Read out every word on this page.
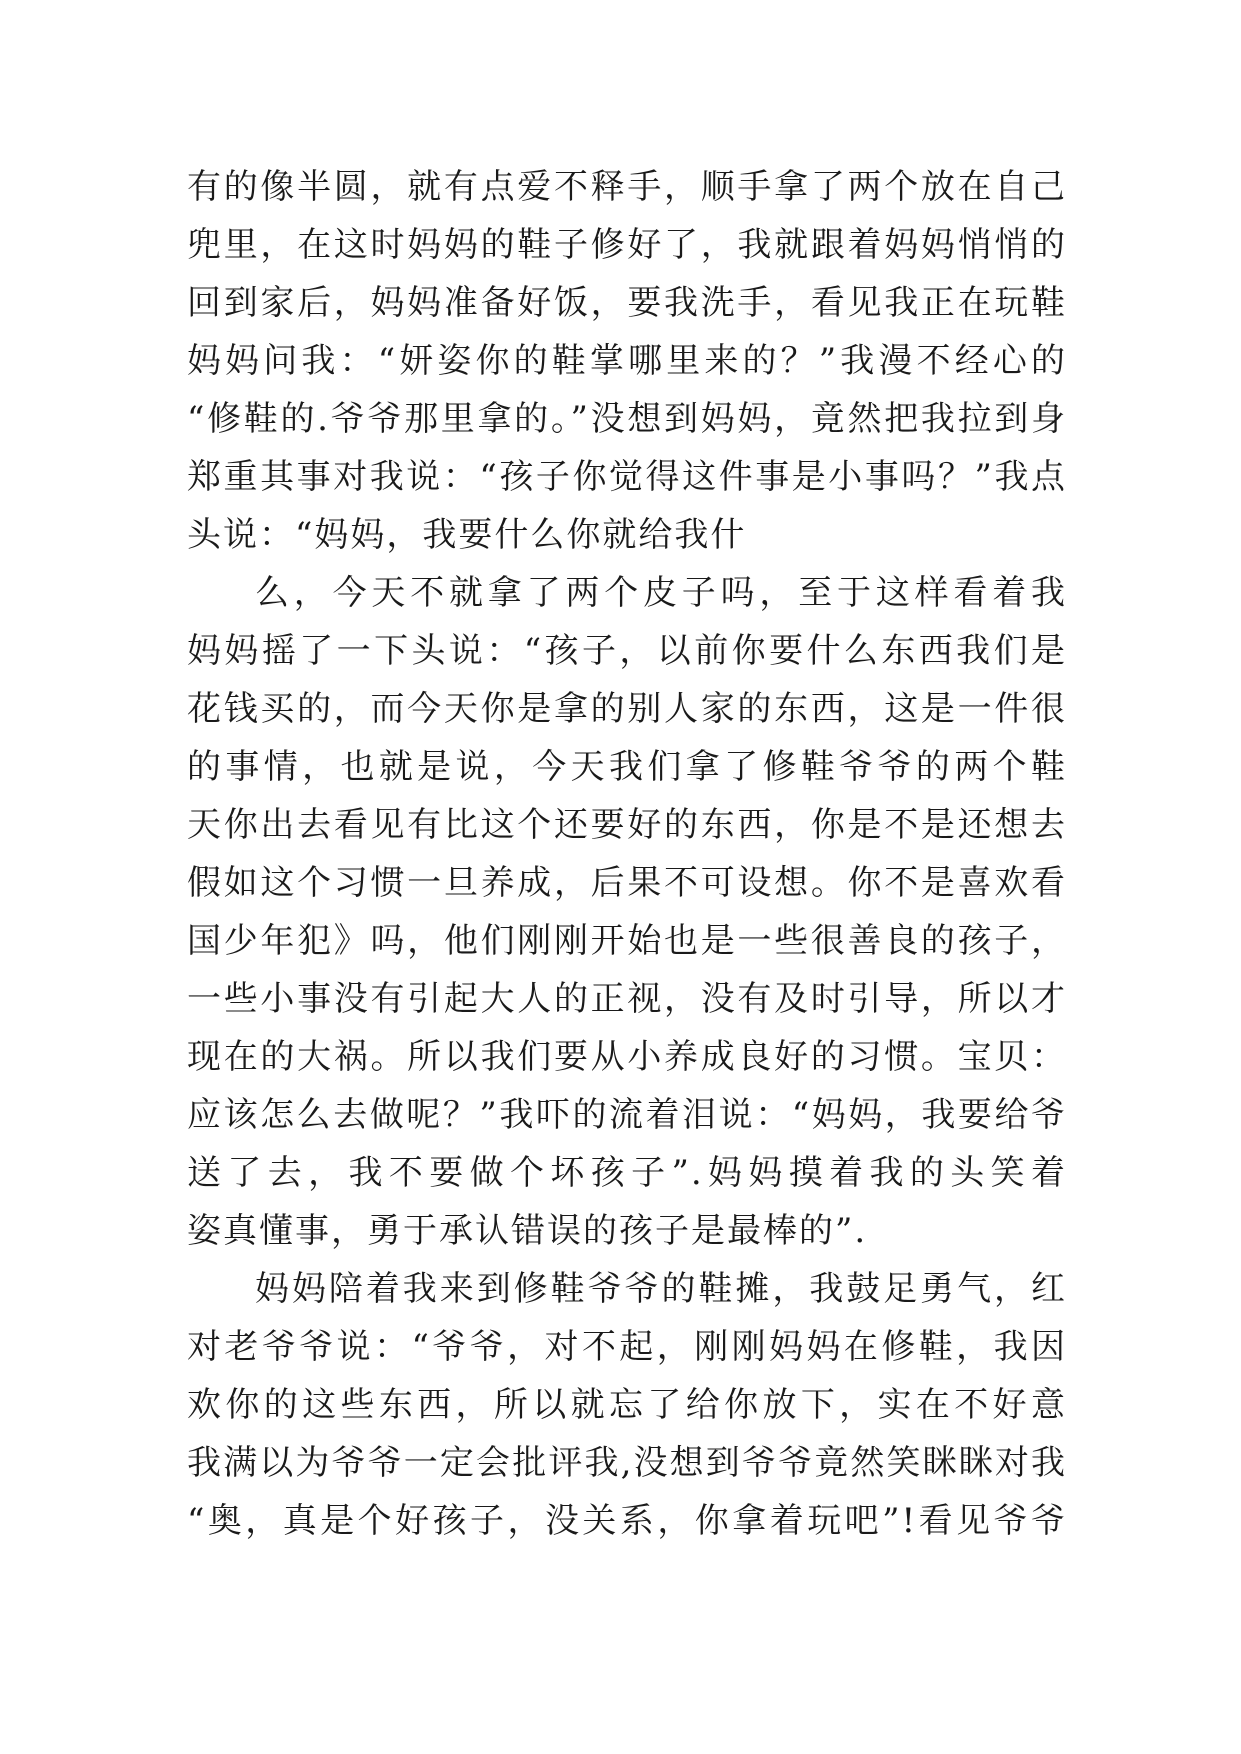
有的像半圆，就有点爱不释手，顺手拿了两个放在自己
兜里，在这时妈妈的鞋子修好了，我就跟着妈妈悄悄的
回到家后，妈妈准备好饭，要我洗手，看见我正在玩鞋
妈妈问我：“妍姿你的鞋掌哪里来的？”我漫不经心的
“修鞋的.爷爷那里拿的。”没想到妈妈，竟然把我拉到身
郑重其事对我说：“孩子你觉得这件事是小事吗？”我点
头说：“妈妈，我要什么你就给我什
么，今天不就拿了两个皮子吗，至于这样看着我
妈妈摇了一下头说：“孩子，以前你要什么东西我们是
花钱买的，而今天你是拿的别人家的东西，这是一件很
的事情，也就是说，今天我们拿了修鞋爷爷的两个鞋
天你出去看见有比这个还要好的东西，你是不是还想去
假如这个习惯一旦养成，后果不可设想。你不是喜欢看
国少年犯》吗，他们刚刚开始也是一些很善良的孩子，
一些小事没有引起大人的正视，没有及时引导，所以才
现在的大祸。所以我们要从小养成良好的习惯。宝贝：
应该怎么去做呢？”我吓的流着泪说：“妈妈，我要给爷
送了去，我不要做个坏孩子”.妈妈摸着我的头笑着
姿真懂事，勇于承认错误的孩子是最棒的”.
妈妈陪着我来到修鞋爷爷的鞋摊，我鼓足勇气，红
对老爷爷说：“爷爷，对不起，刚刚妈妈在修鞋，我因
欢你的这些东西，所以就忘了给你放下，实在不好意
我满以为爷爷一定会批评我,没想到爷爷竟然笑眯眯对我
“奥，真是个好孩子，没关系，你拿着玩吧”!看见爷爷
